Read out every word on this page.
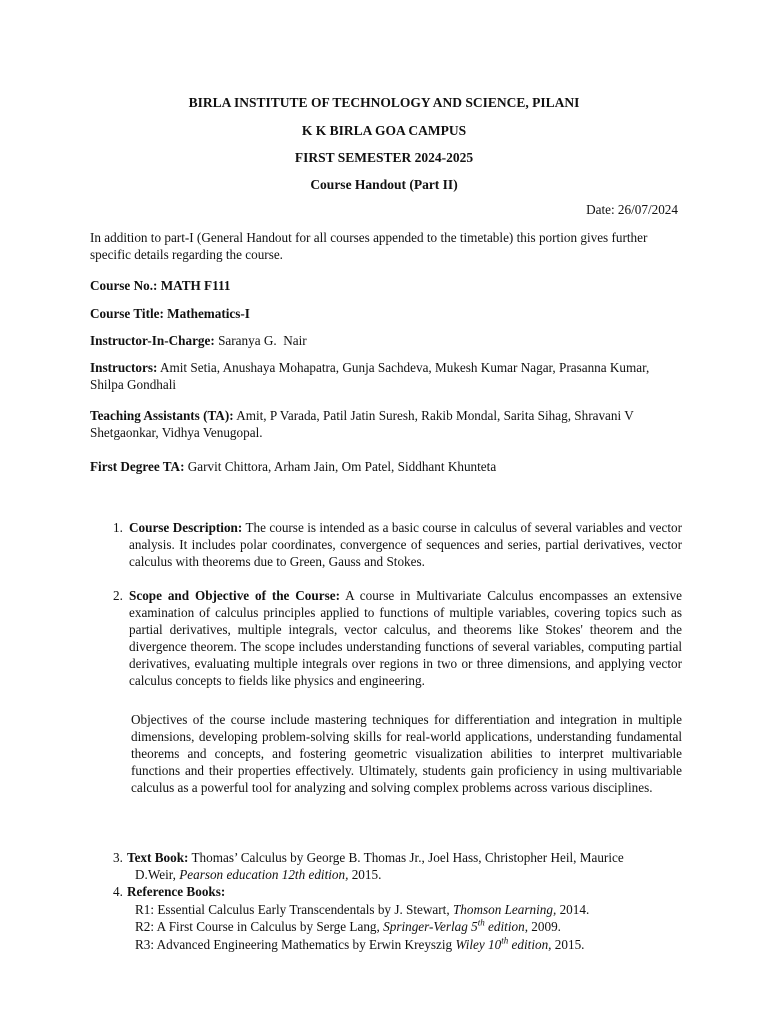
BIRLA INSTITUTE OF TECHNOLOGY AND SCIENCE, PILANI
K K BIRLA GOA CAMPUS
FIRST SEMESTER 2024-2025
Course Handout (Part II)
Date: 26/07/2024
In addition to part-I (General Handout for all courses appended to the timetable) this portion gives further specific details regarding the course.
Course No.: MATH F111
Course Title: Mathematics-I
Instructor-In-Charge: Saranya G.  Nair
Instructors: Amit Setia, Anushaya Mohapatra, Gunja Sachdeva, Mukesh Kumar Nagar, Prasanna Kumar, Shilpa Gondhali
Teaching Assistants (TA): Amit, P Varada, Patil Jatin Suresh, Rakib Mondal, Sarita Sihag, Shravani V Shetgaonkar, Vidhya Venugopal.
First Degree TA: Garvit Chittora, Arham Jain, Om Patel, Siddhant Khunteta
1. Course Description: The course is intended as a basic course in calculus of several variables and vector analysis. It includes polar coordinates, convergence of sequences and series, partial derivatives, vector calculus with theorems due to Green, Gauss and Stokes.
2. Scope and Objective of the Course: A course in Multivariate Calculus encompasses an extensive examination of calculus principles applied to functions of multiple variables, covering topics such as partial derivatives, multiple integrals, vector calculus, and theorems like Stokes' theorem and the divergence theorem. The scope includes understanding functions of several variables, computing partial derivatives, evaluating multiple integrals over regions in two or three dimensions, and applying vector calculus concepts to fields like physics and engineering.
Objectives of the course include mastering techniques for differentiation and integration in multiple dimensions, developing problem-solving skills for real-world applications, understanding fundamental theorems and concepts, and fostering geometric visualization abilities to interpret multivariable functions and their properties effectively. Ultimately, students gain proficiency in using multivariable calculus as a powerful tool for analyzing and solving complex problems across various disciplines.
3. Text Book: Thomas’ Calculus by George B. Thomas Jr., Joel Hass, Christopher Heil, Maurice
D.Weir, Pearson education 12th edition, 2015.
4. Reference Books:
R1: Essential Calculus Early Transcendentals by J. Stewart, Thomson Learning, 2014.
R2: A First Course in Calculus by Serge Lang, Springer-Verlag 5th edition, 2009.
R3: Advanced Engineering Mathematics by Erwin Kreyszig Wiley 10th edition, 2015.
